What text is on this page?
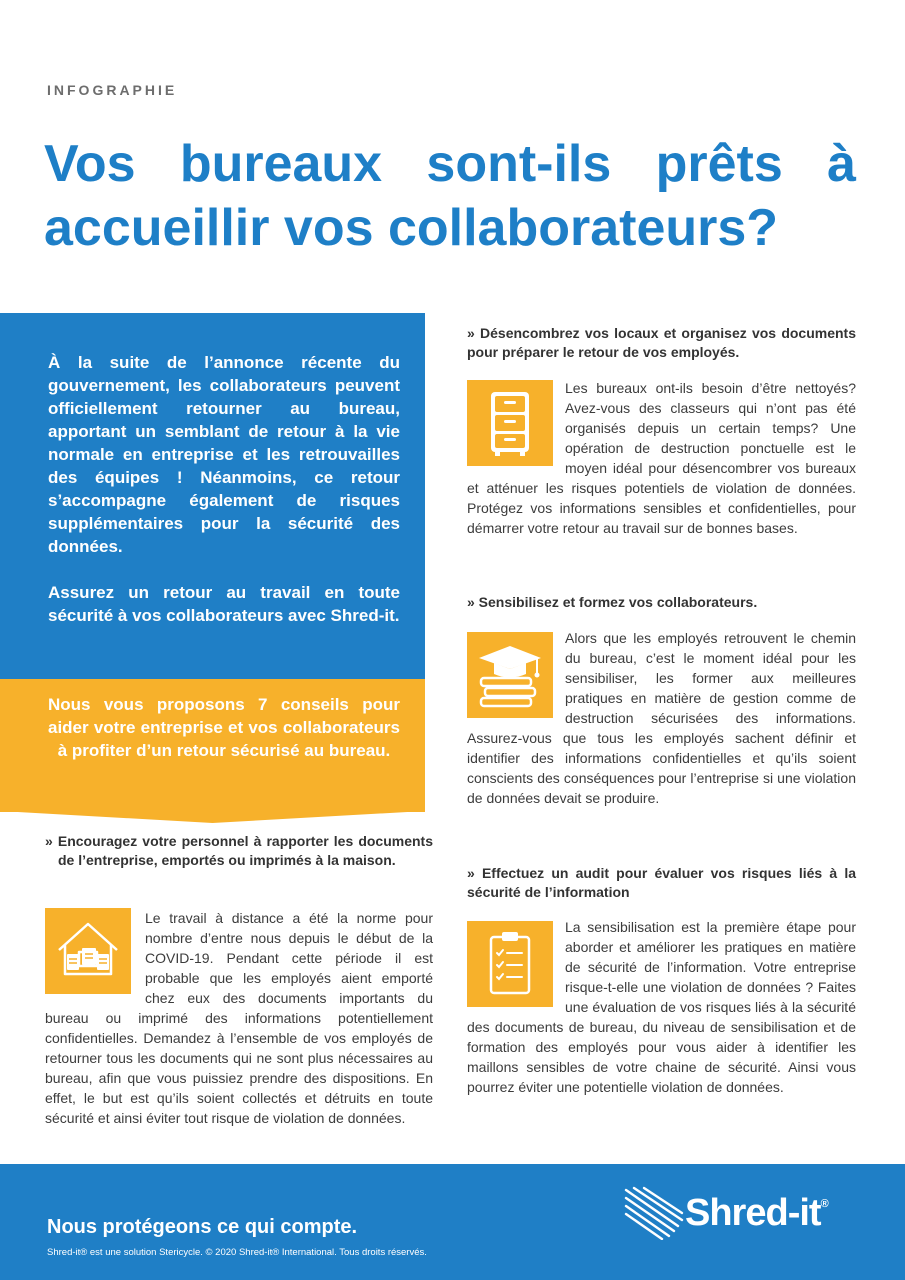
INFOGRAPHIE
Vos bureaux sont-ils prêts à accueillir vos collaborateurs?

À la suite de l’annonce récente du gouvernement, les collaborateurs peuvent officiellement retourner au bureau, apportant un semblant de retour à la vie normale en entreprise et les retrouvailles des équipes ! Néanmoins, ce retour s’accompagne également de risques supplémentaires pour la sécurité des données.

Assurez un retour au travail en toute sécurité à vos collaborateurs avec Shred-it.

Nous vous proposons 7 conseils pour aider votre entreprise et vos collaborateurs à profiter d’un retour sécurisé au bureau.
» Encouragez votre personnel à rapporter les documents de l’entreprise, emportés ou imprimés à la maison.
Le travail à distance a été la norme pour nombre d’entre nous depuis le début de la COVID-19. Pendant cette période il est probable que les employés aient emporté chez eux des documents importants du bureau ou imprimé des informations potentiellement confidentielles. Demandez à l’ensemble de vos employés de retourner tous les documents qui ne sont plus nécessaires au bureau, afin que vous puissiez prendre des dispositions. En effet, le but est qu’ils soient collectés et détruits en toute sécurité et ainsi éviter tout risque de violation de données.
» Désencombrez vos locaux et organisez vos documents pour préparer le retour de vos employés.
Les bureaux ont-ils besoin d’être nettoyés? Avez-vous des classeurs qui n’ont pas été organisés depuis un certain temps? Une opération de destruction ponctuelle est le moyen idéal pour désencombrer vos bureaux et atténuer les risques potentiels de violation de données. Protégez vos informations sensibles et confidentielles, pour démarrer votre retour au travail sur de bonnes bases.
» Sensibilisez et formez vos collaborateurs.
Alors que les employés retrouvent le chemin du bureau, c’est le moment idéal pour les sensibiliser, les former aux meilleures pratiques en matière de gestion comme de destruction sécurisées des informations. Assurez-vous que tous les employés sachent définir et identifier des informations confidentielles et qu’ils soient conscients des conséquences pour l’entreprise si une violation de données devait se produire.
» Effectuez un audit pour évaluer vos risques liés à la sécurité de l’information
La sensibilisation est la première étape pour aborder et améliorer les pratiques en matière de sécurité de l’information. Votre entreprise risque-t-elle une violation de données ? Faites une évaluation de vos risques liés à la sécurité des documents de bureau, du niveau de sensibilisation et de formation des employés pour vous aider à identifier les maillons sensibles de votre chaine de sécurité. Ainsi vous pourrez éviter une potentielle violation de données.
Nous protégeons ce qui compte.
Shred-it® est une solution Stericycle. © 2020 Shred-it® International. Tous droits réservés.
Shred-it®
